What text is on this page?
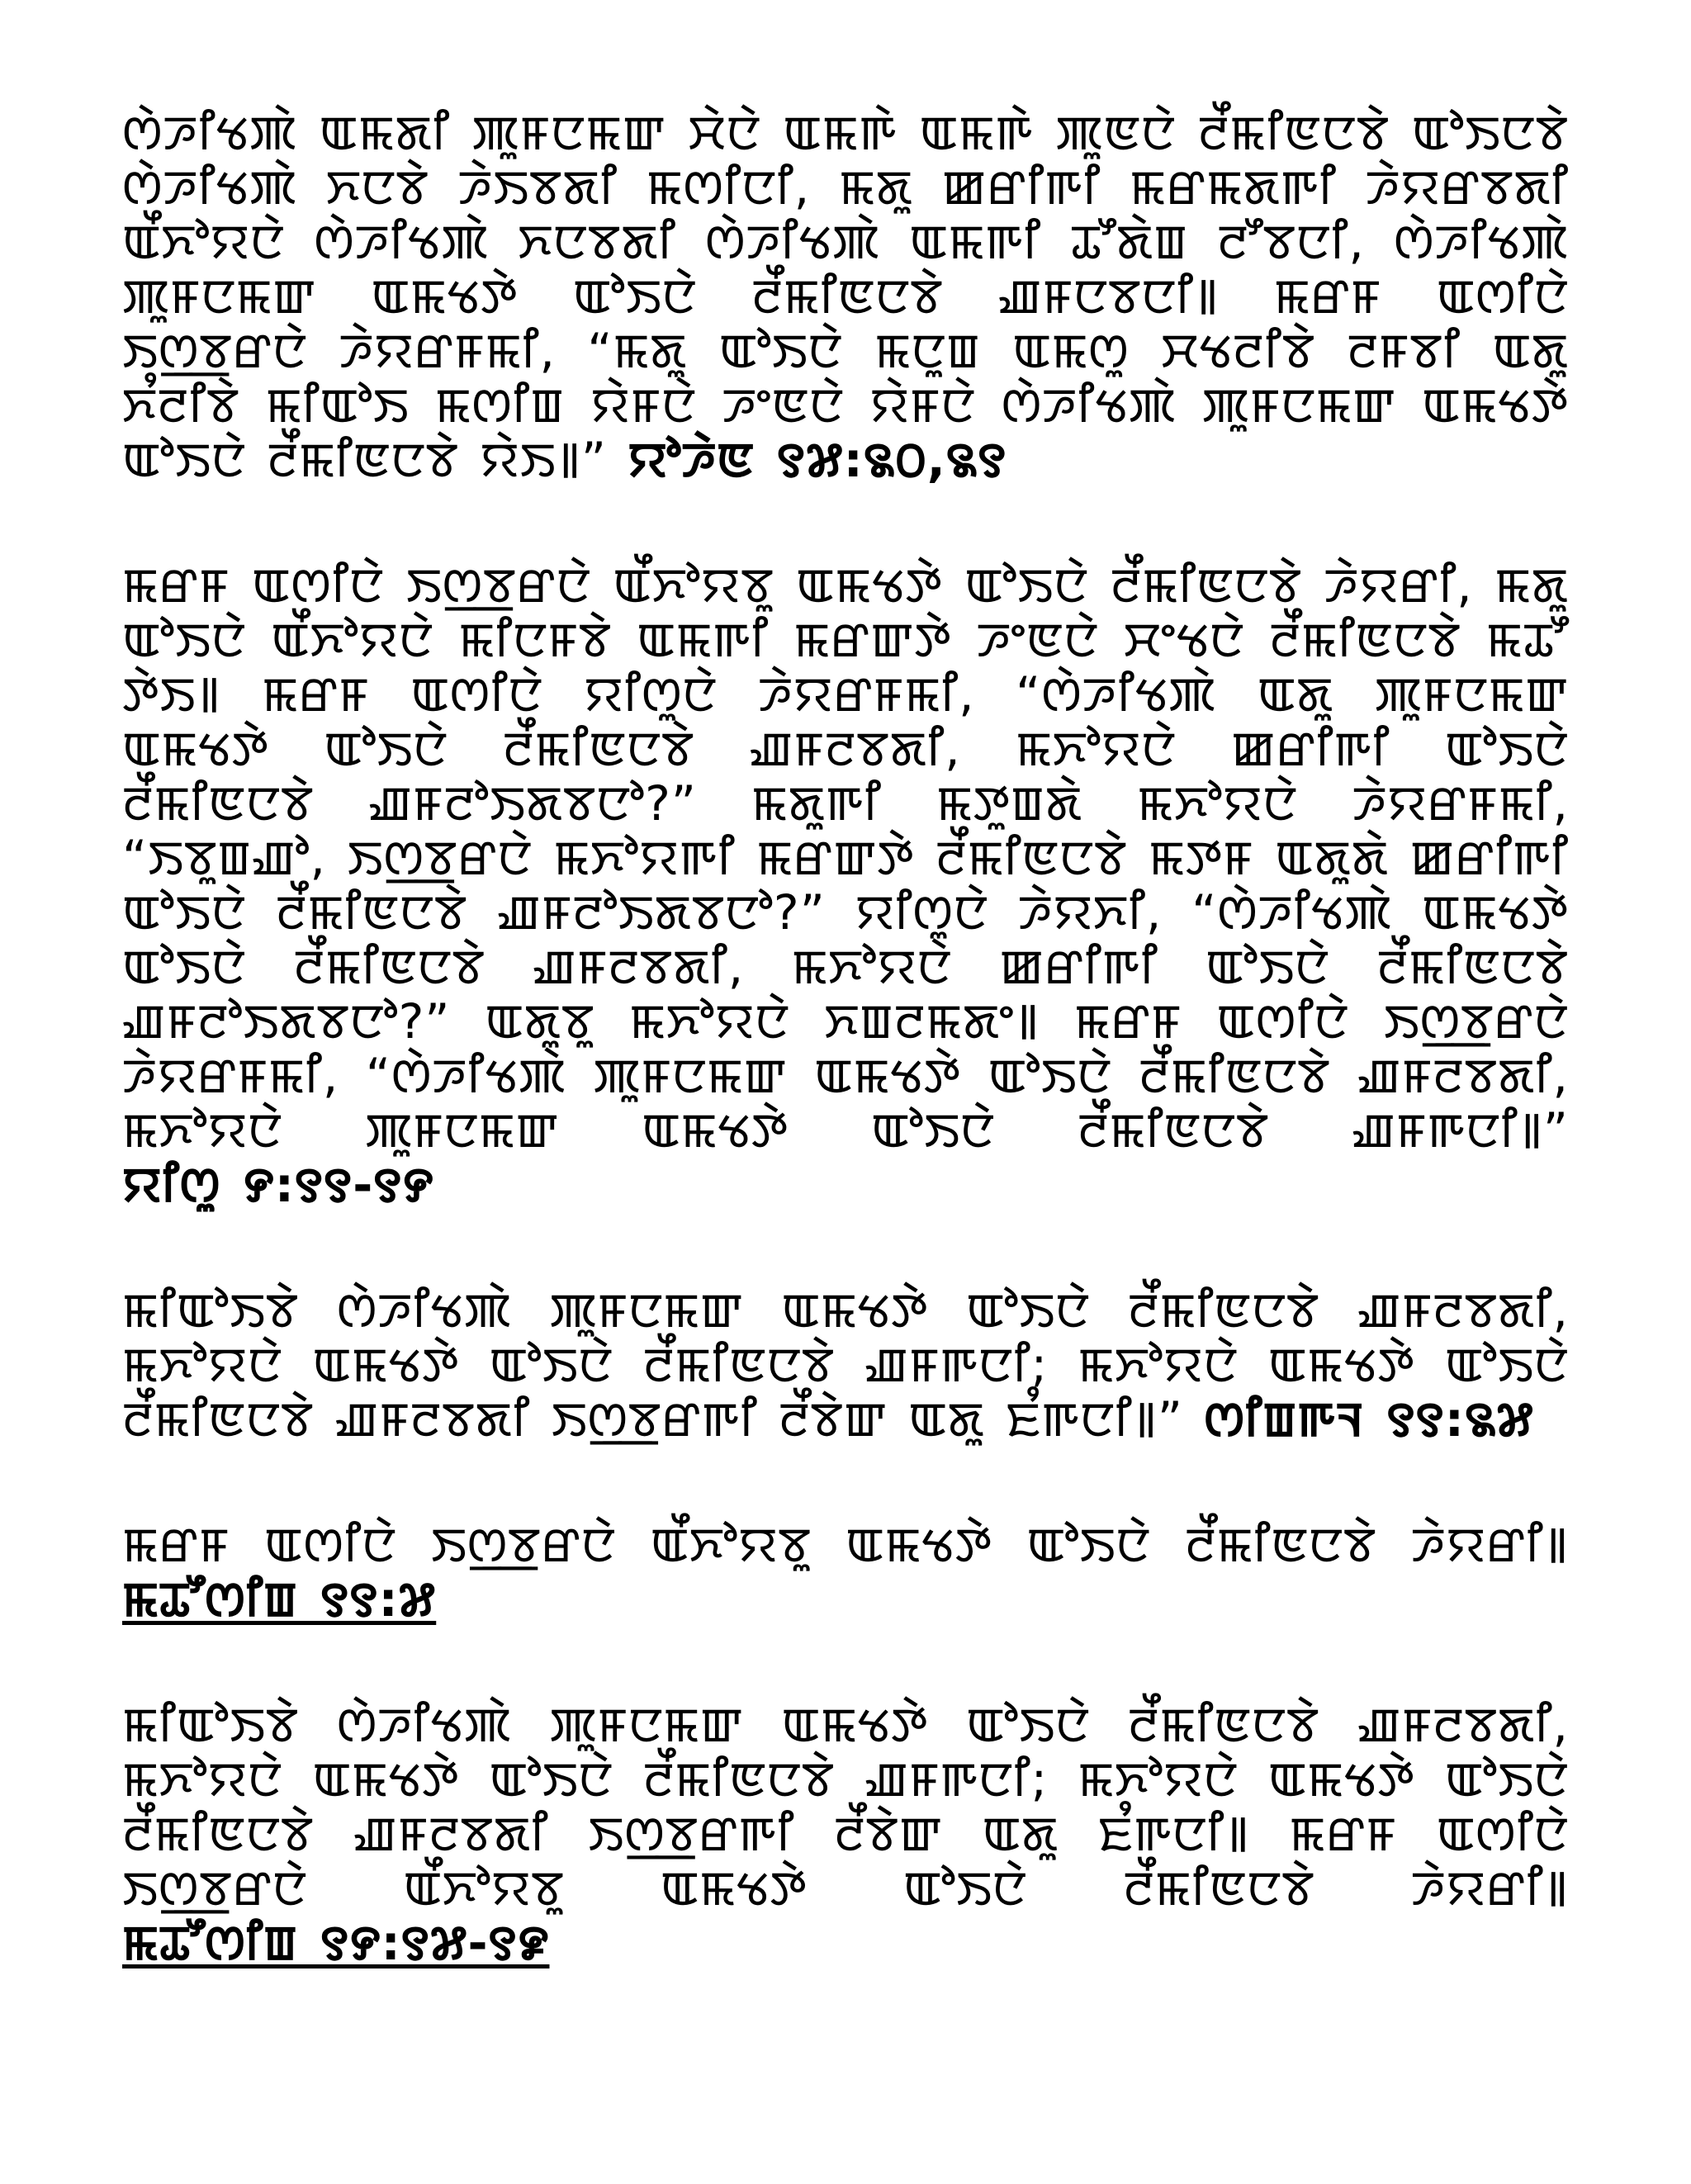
ꯁꯥꯍꯤꯠꯄꯥ ꯑꯃꯗꯤ ꯄꯨꯝꯅꯃꯛ ꯆꯥꯅꯥ ꯑꯃꯒꯥ ꯑꯃꯒꯥ ꯄꯨꯟꯅꯥ ꯂꯩꯃꯤꯟꯅꯕꯥ ꯑꯣꯏꯅꯕꯥ ꯁꯥꯍꯤꯠꯄꯥ ꯈꯅꯕꯥ ꯍꯥꯏꯕꯗꯤ ꯃꯁꯤꯅꯤ, ꯃꯗꯨ ꯀꯔꯤꯒꯤ ꯃꯔꯃꯗꯒꯤ ꯍꯥꯌꯔꯕꯗꯤ ꯑꯩꯈꯣꯌꯅꯥ ꯁꯥꯍꯤꯠꯄꯥ ꯈꯅꯕꯗꯤ ꯁꯥꯍꯤꯠꯄꯥ ꯑꯃꯒꯤ ꯊꯧꯗꯥꯡ ꯂꯧꯕꯅꯤ, ꯁꯥꯍꯤꯠꯄꯥ ꯄꯨꯝꯅꯃꯛ ꯑꯃꯠꯇꯥ ꯑꯣꯏꯅꯥ ꯂꯩꯃꯤꯟꯅꯕꯥ ꯉꯝꯅꯕꯅꯤ꯫ ꯃꯔꯝ ꯑꯁꯤꯅꯥ ꯏꯁ꯭ꯕꯔꯅꯥ ꯍꯥꯌꯔꯝꯃꯤ, “ꯃꯗꯨ ꯑꯣꯏꯅꯥ ꯃꯅꯨꯡ ꯑꯃꯁꯨ ꯆꯠꯂꯤꯕꯥ ꯂꯝꯕꯤ ꯑꯗꯨ ꯈꯪꯂꯤꯕꯥ ꯃꯤꯑꯣꯏ ꯃꯁꯤꯡ ꯌꯥꯝꯅꯥ ꯍꯦꯟꯅꯥ ꯌꯥꯝꯅꯥ ꯁꯥꯍꯤꯠꯄꯥ ꯄꯨꯝꯅꯃꯛ ꯑꯃꯠꯇꯥ ꯑꯣꯏꯅꯥ ꯂꯩꯃꯤꯟꯅꯕꯥ ꯌꯥꯏ꯫” ꯌꯣꯍꯥꯟ ꯱꯷:꯲꯰,꯲꯱

ꯃꯔꯝ ꯑꯁꯤꯅꯥ ꯏꯁ꯭ꯕꯔꯅꯥ ꯑꯩꯈꯣꯌꯕꯨ ꯑꯃꯠꯇꯥ ꯑꯣꯏꯅꯥ ꯂꯩꯃꯤꯟꯅꯕꯥ ꯍꯥꯌꯔꯤ, ꯃꯗꯨ ꯑꯣꯏꯅꯥ ꯑꯩꯈꯣꯌꯅꯥ ꯃꯤꯅꯝꯕꯥ ꯑꯃꯒꯤ ꯃꯔꯛꯇꯥ ꯍꯦꯟꯅꯥ ꯆꯦꯠꯅꯥ ꯂꯩꯃꯤꯟꯅꯕꯥ ꯃꯊꯧ ꯇꯥꯏ꯫ ꯃꯔꯝ ꯑꯁꯤꯅꯥ ꯌꯤꯁꯨꯅꯥ ꯍꯥꯌꯔꯝꯃꯤ, “ꯁꯥꯍꯤꯠꯄꯥ ꯑꯗꯨ ꯄꯨꯝꯅꯃꯛ ꯑꯃꯠꯇꯥ ꯑꯣꯏꯅꯥ ꯂꯩꯃꯤꯟꯅꯕꯥ ꯉꯝꯂꯕꯗꯤ, ꯃꯈꯣꯌꯅꯥ ꯀꯔꯤꯒꯤ ꯑꯣꯏꯅꯥ ꯂꯩꯃꯤꯟꯅꯕꯥ ꯉꯝꯂꯣꯏꯗꯕꯅꯣ?” ꯃꯗꯨꯒꯤ ꯃꯇꯨꯡꯗꯥ ꯃꯈꯣꯌꯅꯥ ꯍꯥꯌꯔꯝꯃꯤ, “ꯏꯕꯨꯡꯉꯣ, ꯏꯁ꯭ꯕꯔꯅꯥ ꯃꯈꯣꯌꯒꯤ ꯃꯔꯛꯇꯥ ꯂꯩꯃꯤꯟꯅꯕꯥ ꯃꯇꯝ ꯑꯗꯨꯗꯥ ꯀꯔꯤꯒꯤ ꯑꯣꯏꯅꯥ ꯂꯩꯃꯤꯟꯅꯕꯥ ꯉꯝꯂꯣꯏꯗꯕꯅꯣ?” ꯌꯤꯁꯨꯅꯥ ꯍꯥꯌꯈꯤ, “ꯁꯥꯍꯤꯠꯄꯥ ꯑꯃꯠꯇꯥ ꯑꯣꯏꯅꯥ ꯂꯩꯃꯤꯟꯅꯕꯥ ꯉꯝꯂꯕꯗꯤ, ꯃꯈꯣꯌꯅꯥ ꯀꯔꯤꯒꯤ ꯑꯣꯏꯅꯥ ꯂꯩꯃꯤꯟꯅꯕꯥ ꯉꯝꯂꯣꯏꯗꯕꯅꯣ?” ꯑꯗꯨꯕꯨ ꯃꯈꯣꯌꯅꯥ ꯈꯡꯂꯃꯗꯦ꯫ ꯃꯔꯝ ꯑꯁꯤꯅꯥ ꯏꯁ꯭ꯕꯔꯅꯥ ꯍꯥꯌꯔꯝꯃꯤ, “ꯁꯥꯍꯤꯠꯄꯥ ꯄꯨꯝꯅꯃꯛ ꯑꯃꯠꯇꯥ ꯑꯣꯏꯅꯥ ꯂꯩꯃꯤꯟꯅꯕꯥ ꯉꯝꯂꯕꯗꯤ, ꯃꯈꯣꯌꯅꯥ ꯄꯨꯝꯅꯃꯛ ꯑꯃꯠꯇꯥ ꯑꯣꯏꯅꯥ ꯂꯩꯃꯤꯟꯅꯕꯥ ꯉꯝꯒꯅꯤ꯫” ꯌꯤꯁꯨ ꯸:꯱꯱-꯱꯸

ꯃꯤꯑꯣꯏꯕꯥ ꯁꯥꯍꯤꯠꯄꯥ ꯄꯨꯝꯅꯃꯛ ꯑꯃꯠꯇꯥ ꯑꯣꯏꯅꯥ ꯂꯩꯃꯤꯟꯅꯕꯥ ꯉꯝꯂꯕꯗꯤ, ꯃꯈꯣꯌꯅꯥ ꯑꯃꯠꯇꯥ ꯑꯣꯏꯅꯥ ꯂꯩꯃꯤꯟꯅꯕꯥ ꯉꯝꯒꯅꯤ; ꯃꯈꯣꯌꯅꯥ ꯑꯃꯠꯇꯥ ꯑꯣꯏꯅꯥ ꯂꯩꯃꯤꯟꯅꯕꯥ ꯉꯝꯂꯕꯗꯤ ꯏꯁ꯭ꯕꯔꯒꯤ ꯂꯩꯕꯥꯛ ꯑꯗꯨ ꯐꯪꯒꯅꯤ꯫” ꯁꯤꯡꯒꯜ ꯱꯱:꯲꯷

ꯃꯔꯝ ꯑꯁꯤꯅꯥ ꯏꯁ꯭ꯕꯔꯅꯥ ꯑꯩꯈꯣꯌꯕꯨ ꯑꯃꯠꯇꯥ ꯑꯣꯏꯅꯥ ꯂꯩꯃꯤꯟꯅꯕꯥ ꯍꯥꯌꯔꯤ꯫ ꯃꯊꯧꯁꯤꯡ ꯱꯱:꯷

ꯃꯤꯑꯣꯏꯕꯥ ꯁꯥꯍꯤꯠꯄꯥ ꯄꯨꯝꯅꯃꯛ ꯑꯃꯠꯇꯥ ꯑꯣꯏꯅꯥ ꯂꯩꯃꯤꯟꯅꯕꯥ ꯉꯝꯂꯕꯗꯤ, ꯃꯈꯣꯌꯅꯥ ꯑꯃꯠꯇꯥ ꯑꯣꯏꯅꯥ ꯂꯩꯃꯤꯟꯅꯕꯥ ꯉꯝꯒꯅꯤ; ꯃꯈꯣꯌꯅꯥ ꯑꯃꯠꯇꯥ ꯑꯣꯏꯅꯥ ꯂꯩꯃꯤꯟꯅꯕꯥ ꯉꯝꯂꯕꯗꯤ ꯏꯁ꯭ꯕꯔꯒꯤ ꯂꯩꯕꯥꯛ ꯑꯗꯨ ꯐꯪꯒꯅꯤ꯫ ꯃꯔꯝ ꯑꯁꯤꯅꯥ ꯏꯁ꯭ꯕꯔꯅꯥ ꯑꯩꯈꯣꯌꯕꯨ ꯑꯃꯠꯇꯥ ꯑꯣꯏꯅꯥ ꯂꯩꯃꯤꯟꯅꯕꯥ ꯍꯥꯌꯔꯤ꯫ ꯃꯊꯧꯁꯤꯡ ꯱꯸:꯱꯷-꯱꯹
